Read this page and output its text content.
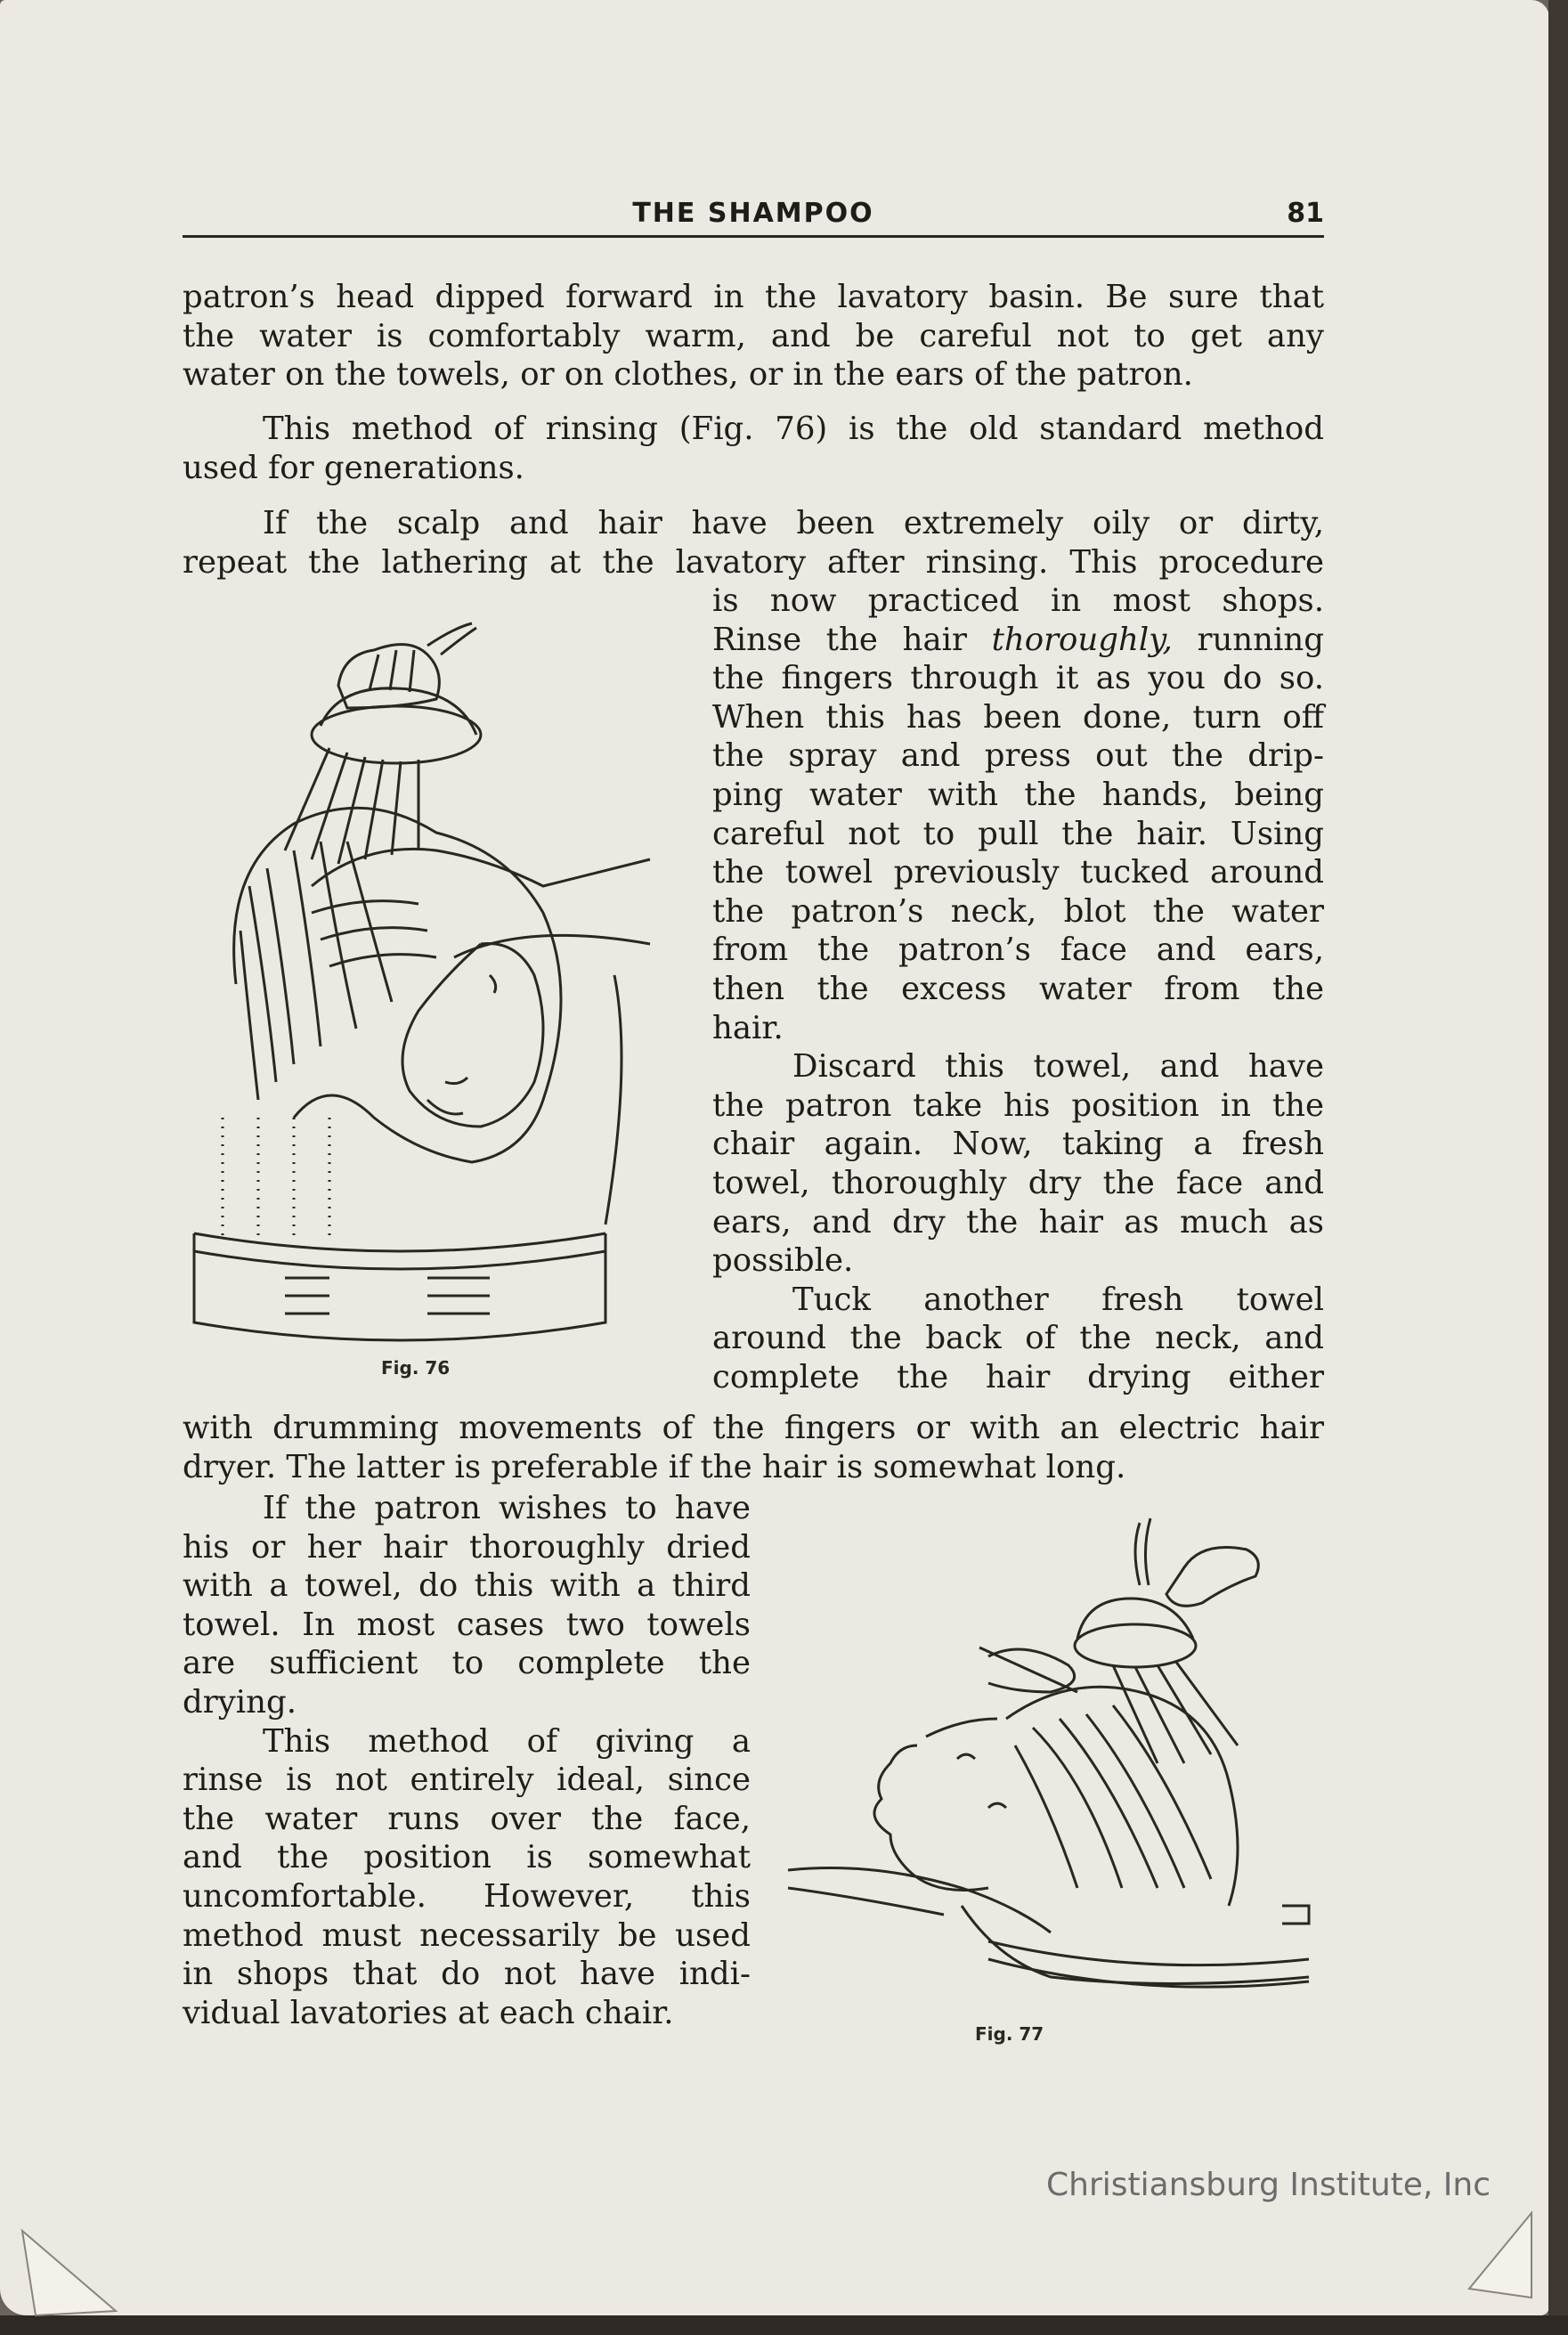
THE SHAMPOO	81
patron’s head dipped forward in the lavatory basin. Be sure that
the water is comfortably warm, and be careful not to get any
water on the towels, or on clothes, or in the ears of the patron.
This method of rinsing (Fig. 76) is the old standard method
used for generations.
If the scalp and hair have been extremely oily or dirty,
repeat the lathering at the lavatory after rinsing. This procedure
is now practiced in most shops.
Rinse the hair thoroughly, running
the fingers through it as you do so.
When this has been done, turn off
the spray and press out the drip-
ping water with the hands, being
careful not to pull the hair. Using
the towel previously tucked around
the patron’s neck, blot the water
from the patron’s face and ears,
then the excess water from the
hair.
Discard this towel, and have
the patron take his position in the
chair again. Now, taking a fresh
towel, thoroughly dry the face and
ears, and dry the hair as much as
possible.
Tuck another fresh towel
around the back of the neck, and
complete the hair drying either
Fig. 76
with drumming movements of the fingers or with an electric hair
dryer. The latter is preferable if the hair is somewhat long.
If the patron wishes to have
his or her hair thoroughly dried
with a towel, do this with a third
towel. In most cases two towels
are sufficient to complete the
drying.
This method of giving a
rinse is not entirely ideal, since
the water runs over the face,
and the position is somewhat
uncomfortable. However, this
method must necessarily be used
in shops that do not have indi-
vidual lavatories at each chair.
Fig. 77
Christiansburg Institute, Inc
